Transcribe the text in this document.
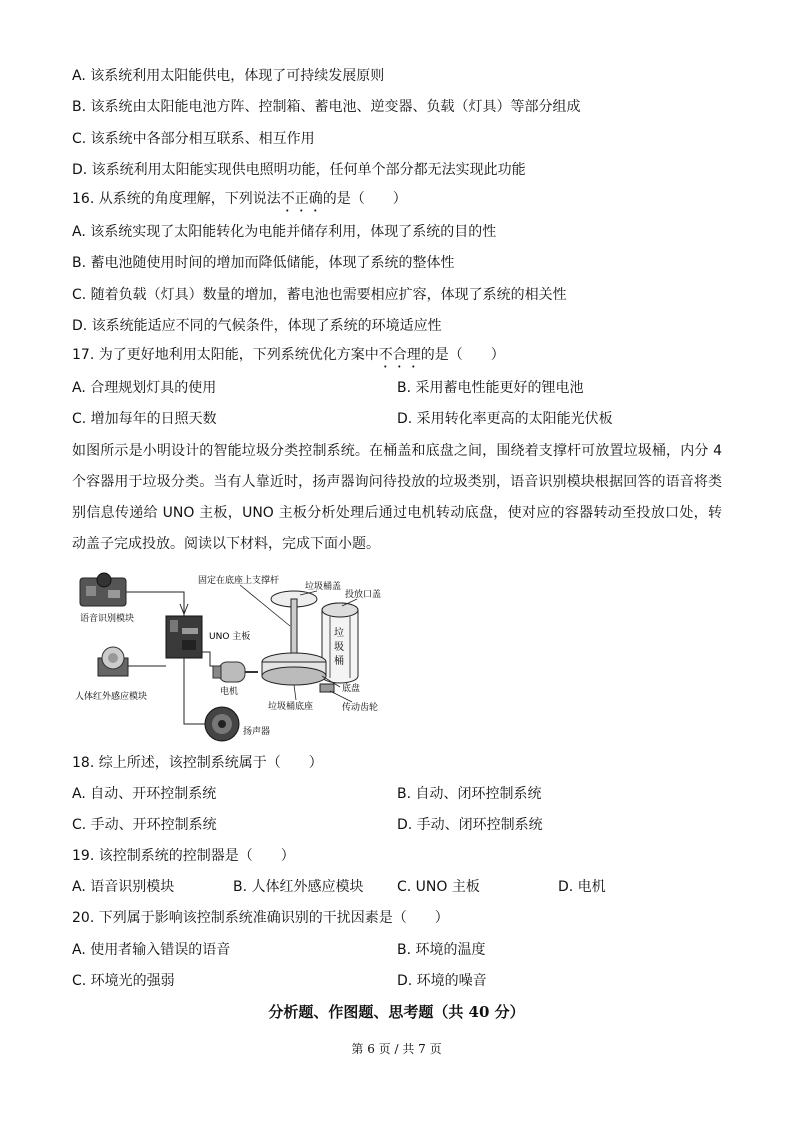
A. 该系统利用太阳能供电，体现了可持续发展原则
B. 该系统由太阳能电池方阵、控制箱、蓄电池、逆变器、负载（灯具）等部分组成
C. 该系统中各部分相互联系、相互作用
D. 该系统利用太阳能实现供电照明功能，任何单个部分都无法实现此功能
16. 从系统的角度理解，下列说法不正确的是（　　）
A. 该系统实现了太阳能转化为电能并储存利用，体现了系统的目的性
B. 蓄电池随使用时间的增加而降低储能，体现了系统的整体性
C. 随着负载（灯具）数量的增加，蓄电池也需要相应扩容，体现了系统的相关性
D. 该系统能适应不同的气候条件，体现了系统的环境适应性
17. 为了更好地利用太阳能，下列系统优化方案中不合理的是（　　）
A. 合理规划灯具的使用	B. 采用蓄电性能更好的锂电池
C. 增加每年的日照天数	D. 采用转化率更高的太阳能光伏板
如图所示是小明设计的智能垃圾分类控制系统。在桶盖和底盘之间，围绕着支撑杆可放置垃圾桶，内分 4 个容器用于垃圾分类。当有人靠近时，扬声器询问待投放的垃圾类别，语音识别模块根据回答的语音将类别信息传递给 UNO 主板，UNO 主板分析处理后通过电机转动底盘，使对应的容器转动至投放口处，转动盖子完成投放。阅读以下材料，完成下面小题。
语音识别模块
人体红外感应模块
UNO 主板
电机
扬声器
垃
圾
桶
固定在底座上支撑杆
垃圾桶盖
投放口盖
底盘
垃圾桶底座	传动齿轮
18. 综上所述，该控制系统属于（　　）
A. 自动、开环控制系统	B. 自动、闭环控制系统
C. 手动、开环控制系统	D. 手动、闭环控制系统
19. 该控制系统的控制器是（　　）
A. 语音识别模块	B. 人体红外感应模块 C. UNO 主板	D. 电机
20. 下列属于影响该控制系统准确识别的干扰因素是（　　）
A. 使用者输入错误的语音	B. 环境的温度
C. 环境光的强弱	D. 环境的噪音
分析题、作图题、思考题（共 40 分）
第 6 页 / 共 7 页
